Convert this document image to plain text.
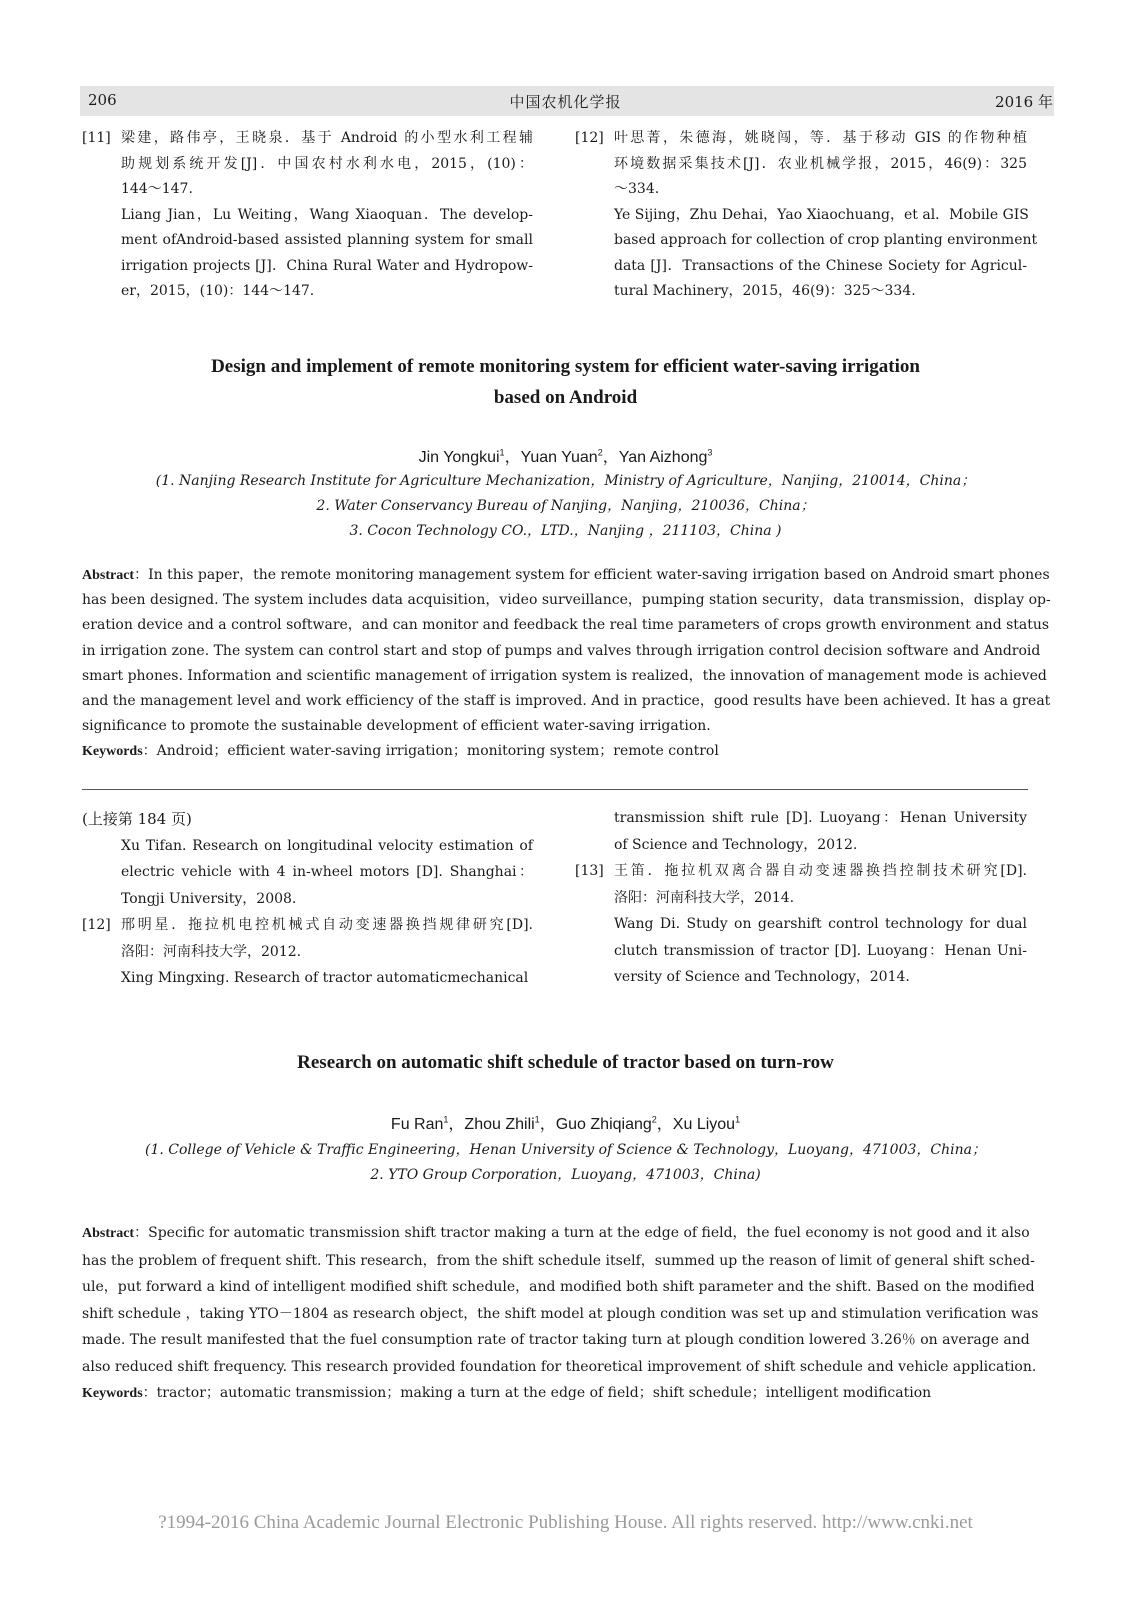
206	中国农机化学报	2016 年
[11] 梁建，路伟亭，王晓泉．基于 Android 的小型水利工程辅
助规划系统开发[J]．中国农村水利水电，2015，(10)：
144～147.
Liang Jian，Lu Weiting，Wang Xiaoquan．The develop-
ment ofAndroid-based assisted planning system for small
irrigation projects [J]．China Rural Water and Hydropow-
er，2015，(10)：144～147.
[12] 叶思菁，朱德海，姚晓闯，等．基于移动 GIS 的作物种植
环境数据采集技术[J]．农业机械学报，2015，46(9)：325
～334.
Ye Sijing，Zhu Dehai，Yao Xiaochuang，et al．Mobile GIS
based approach for collection of crop planting environment
data [J]．Transactions of the Chinese Society for Agricul-
tural Machinery，2015，46(9)：325～334.
Design and implement of remote monitoring system for efficient water-saving irrigation
based on Android
Jin Yongkui$^1$，Yuan Yuan$^2$，Yan Aizhong$^3$
(1. Nanjing Research Institute for Agriculture Mechanization，Ministry of Agriculture，Nanjing，210014，China；
2. Water Conservancy Bureau of Nanjing，Nanjing，210036，China；
3. Cocon Technology CO.，LTD.，Nanjing ，211103，China )
Abstract：In this paper，the remote monitoring management system for efficient water-saving irrigation based on Android smart phones
has been designed. The system includes data acquisition，video surveillance，pumping station security，data transmission，display op-
eration device and a control software，and can monitor and feedback the real time parameters of crops growth environment and status
in irrigation zone. The system can control start and stop of pumps and valves through irrigation control decision software and Android
smart phones. Information and scientific management of irrigation system is realized，the innovation of management mode is achieved
and the management level and work efficiency of the staff is improved. And in practice，good results have been achieved. It has a great
significance to promote the sustainable development of efficient water-saving irrigation.
Keywords：Android；efficient water-saving irrigation；monitoring system；remote control
(上接第 184 页)
Xu Tifan. Research on longitudinal velocity estimation of
electric vehicle with 4 in-wheel motors [D]. Shanghai：
Tongji University，2008.
[12] 邢明星．拖拉机电控机械式自动变速器换挡规律研究[D].
洛阳：河南科技大学，2012.
Xing Mingxing. Research of tractor automaticmechanical
transmission shift rule [D]. Luoyang：Henan University
of Science and Technology，2012.
[13] 王笛．拖拉机双离合器自动变速器换挡控制技术研究[D].
洛阳：河南科技大学，2014.
Wang Di. Study on gearshift control technology for dual
clutch transmission of tractor [D]. Luoyang：Henan Uni-
versity of Science and Technology，2014.
Research on automatic shift schedule of tractor based on turn-row
Fu Ran$^1$，Zhou Zhili$^1$，Guo Zhiqiang$^2$，Xu Liyou$^1$
(1. College of Vehicle & Traffic Engineering，Henan University of Science & Technology，Luoyang，471003，China；
2. YTO Group Corporation，Luoyang，471003，China)
Abstract：Specific for automatic transmission shift tractor making a turn at the edge of field，the fuel economy is not good and it also
has the problem of frequent shift. This research，from the shift schedule itself，summed up the reason of limit of general shift sched-
ule，put forward a kind of intelligent modified shift schedule，and modified both shift parameter and the shift. Based on the modified
shift schedule ，taking YTO－1804 as research object，the shift model at plough condition was set up and stimulation verification was
made. The result manifested that the fuel consumption rate of tractor taking turn at plough condition lowered 3.26％ on average and
also reduced shift frequency. This research provided foundation for theoretical improvement of shift schedule and vehicle application.
Keywords：tractor；automatic transmission；making a turn at the edge of field；shift schedule；intelligent modification
?1994-2016 China Academic Journal Electronic Publishing House. All rights reserved. http://www.cnki.net
